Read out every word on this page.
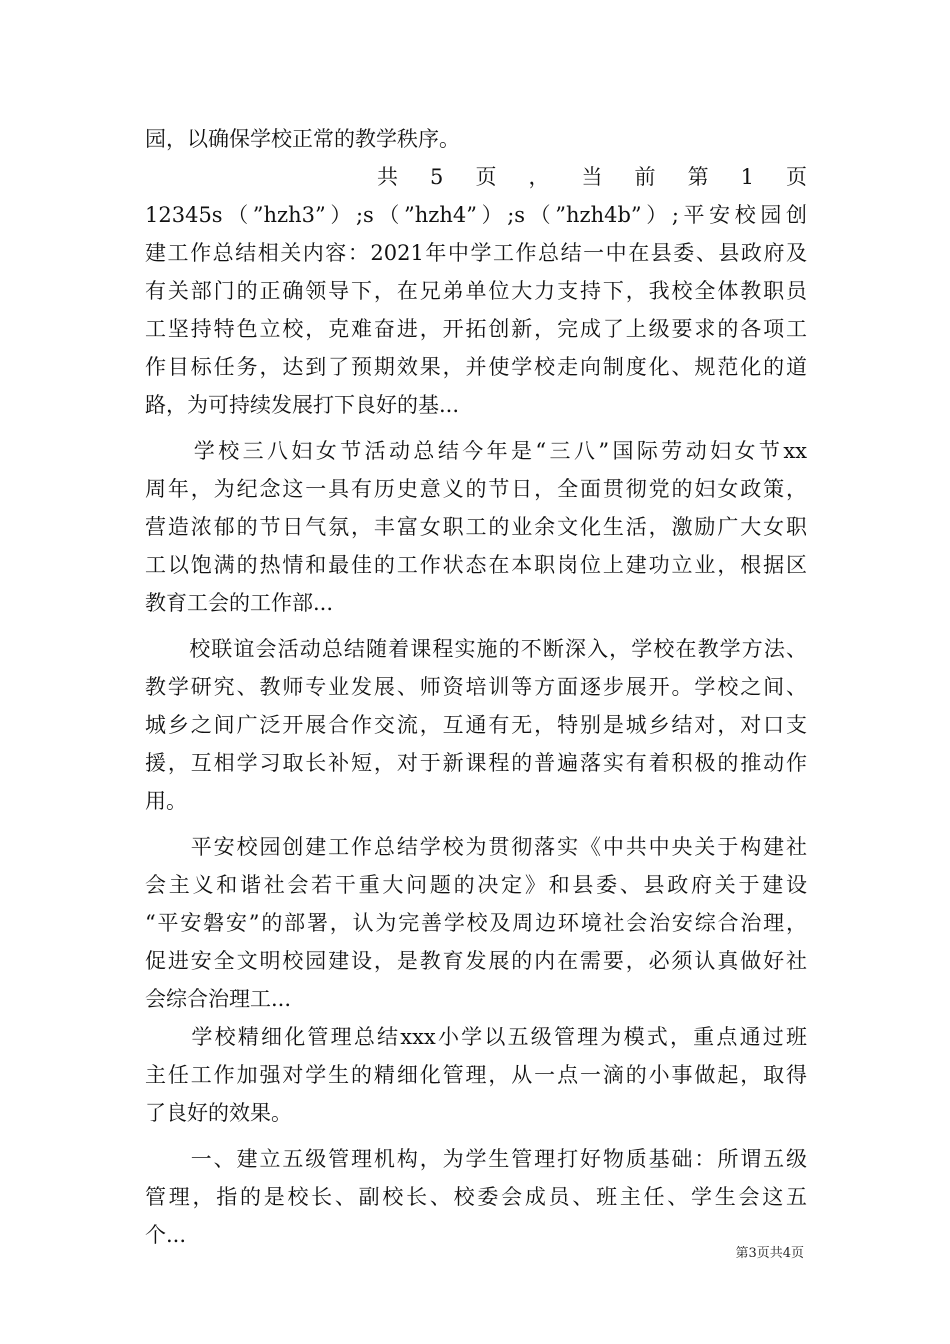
园，以确保学校正常的教学秩序。
共 5 页 ， 当 前 第 1 页
12345s（”hzh3”）;s（”hzh4”）;s（”hzh4b”）;平安校园创
建工作总结相关内容：2021年中学工作总结一中在县委、县政府及
有关部门的正确领导下，在兄弟单位大力支持下，我校全体教职员
工坚持特色立校，克难奋进，开拓创新，完成了上级要求的各项工
作目标任务，达到了预期效果，并使学校走向制度化、规范化的道
路，为可持续发展打下良好的基...
　　学校三八妇女节活动总结今年是“三八”国际劳动妇女节xx
周年，为纪念这一具有历史意义的节日，全面贯彻党的妇女政策，
营造浓郁的节日气氛，丰富女职工的业余文化生活，激励广大女职
工以饱满的热情和最佳的工作状态在本职岗位上建功立业，根据区
教育工会的工作部...
　　校联谊会活动总结随着课程实施的不断深入，学校在教学方法、
教学研究、教师专业发展、师资培训等方面逐步展开。学校之间、
城乡之间广泛开展合作交流，互通有无，特别是城乡结对，对口支
援，互相学习取长补短，对于新课程的普遍落实有着积极的推动作
用。
　　平安校园创建工作总结学校为贯彻落实《中共中央关于构建社
会主义和谐社会若干重大问题的决定》和县委、县政府关于建设
“平安磐安”的部署，认为完善学校及周边环境社会治安综合治理，
促进安全文明校园建设，是教育发展的内在需要，必须认真做好社
会综合治理工...
　　学校精细化管理总结xxx小学以五级管理为模式，重点通过班
主任工作加强对学生的精细化管理，从一点一滴的小事做起，取得
了良好的效果。
　　一、建立五级管理机构，为学生管理打好物质基础：所谓五级
管理，指的是校长、副校长、校委会成员、班主任、学生会这五
个...
第3页共4页
